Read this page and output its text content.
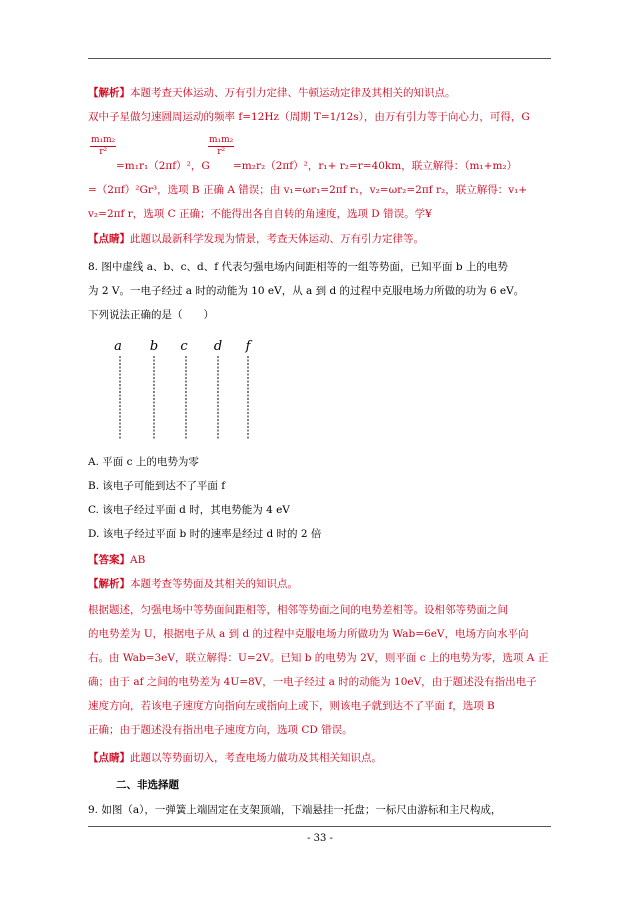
【解析】本题考查天体运动、万有引力定律、牛顿运动定律及其相关的知识点。
双中子星做匀速圆周运动的频率 f=12Hz（周期 T=1/12s），由万有引力等于向心力，可得，G
$\frac{\text{m₁m₂}}{\text{r²}}$	$\frac{\text{m₁m₂}}{\text{r²}}$
=m₁r₁（2πf）²，G	=m₂r₂（2πf）²，r₁+ r₂=r=40km，联立解得：（m₁+m₂）
=（2πf）²Gr³，选项 B 正确 A 错误；由 v₁=ωr₁=2πf r₁，v₂=ωr₂=2πf r₂，联立解得：v₁+
v₂=2πf r，选项 C 正确；不能得出各自自转的角速度，选项 D 错误。学¥
【点睛】此题以最新科学发现为情景，考查天体运动、万有引力定律等。
8. 图中虚线 a、b、c、d、f 代表匀强电场内间距相等的一组等势面，已知平面 b 上的电势
为 2 V。一电子经过 a 时的动能为 10 eV，从 a 到 d 的过程中克服电场力所做的功为 6 eV。
下列说法正确的是（　　）
a b c d f
A. 平面 c 上的电势为零
B. 该电子可能到达不了平面 f
C. 该电子经过平面 d 时，其电势能为 4 eV
D. 该电子经过平面 b 时的速率是经过 d 时的 2 倍
【答案】AB
【解析】本题考查等势面及其相关的知识点。
根据题述，匀强电场中等势面间距相等，相邻等势面之间的电势差相等。设相邻等势面之间
的电势差为 U，根据电子从 a 到 d 的过程中克服电场力所做功为 Wab=6eV，电场方向水平向
右。由 Wab=3eV，联立解得：U=2V。已知 b 的电势为 2V，则平面 c 上的电势为零，选项 A 正
确；由于 af 之间的电势差为 4U=8V，一电子经过 a 时的动能为 10eV，由于题述没有指出电子
速度方向，若该电子速度方向指向左或指向上或下，则该电子就到达不了平面 f，选项 B
正确；由于题述没有指出电子速度方向，选项 CD 错误。
【点睛】此题以等势面切入，考查电场力做功及其相关知识点。
二、非选择题
9. 如图（a），一弹簧上端固定在支架顶端，下端悬挂一托盘；一标尺由游标和主尺构成，
- 33 -
